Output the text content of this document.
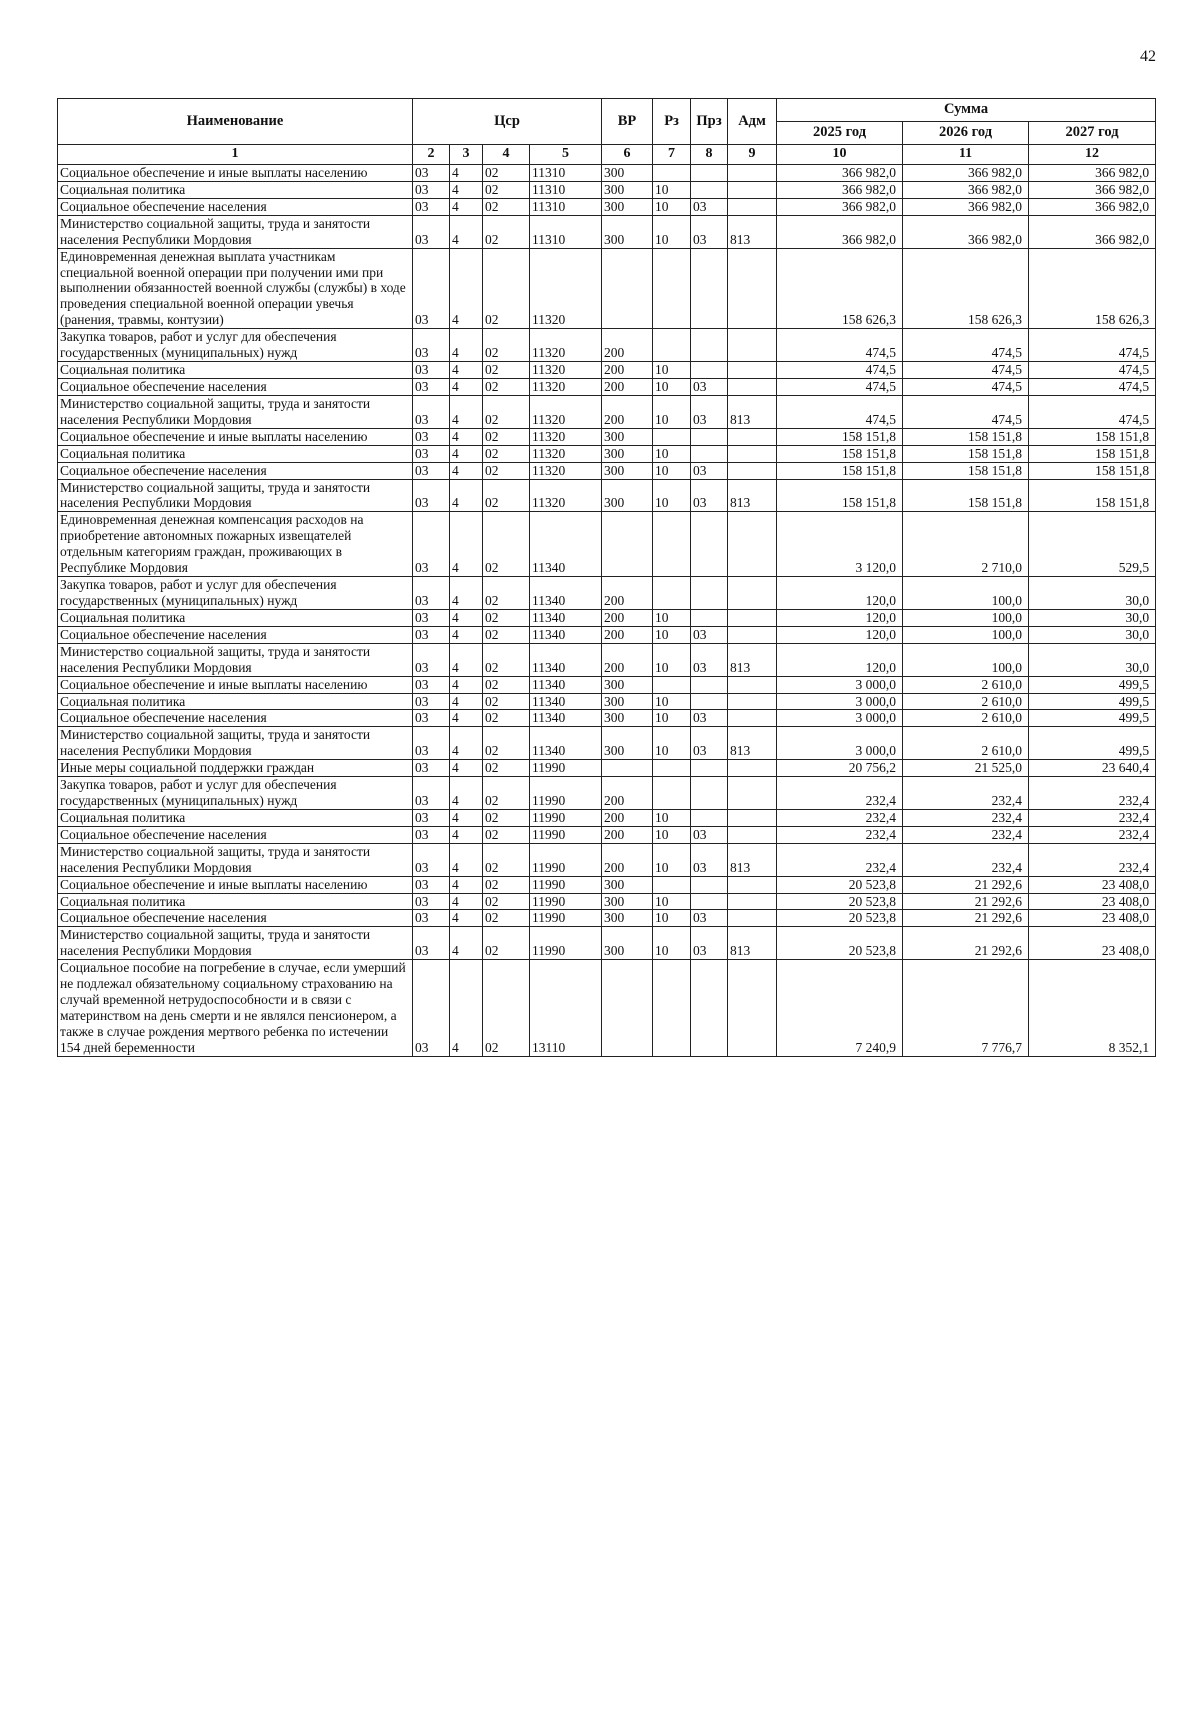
42
Наименование	Цср				ВР	Рз	Прз	Адм	Сумма		
									2025 год	2026 год	2027 год
1	2	3	4	5	6	7	8	9	10	11	12
Социальное обеспечение и иные выплаты населению	03	4	02	11310	300				366 982,0	366 982,0	366 982,0
Социальная политика	03	4	02	11310	300	10			366 982,0	366 982,0	366 982,0
Социальное обеспечение населения	03	4	02	11310	300	10	03		366 982,0	366 982,0	366 982,0
Министерство социальной защиты, труда и занятости населения Республики Мордовия	03	4	02	11310	300	10	03	813	366 982,0	366 982,0	366 982,0
Единовременная денежная выплата участникам специальной военной операции при получении ими при выполнении обязанностей военной службы (службы) в ходе проведения специальной военной операции увечья (ранения, травмы, контузии)	03	4	02	11320					158 626,3	158 626,3	158 626,3
Закупка товаров, работ и услуг для обеспечения государственных (муниципальных) нужд	03	4	02	11320	200				474,5	474,5	474,5
Социальная политика	03	4	02	11320	200	10			474,5	474,5	474,5
Социальное обеспечение населения	03	4	02	11320	200	10	03		474,5	474,5	474,5
Министерство социальной защиты, труда и занятости населения Республики Мордовия	03	4	02	11320	200	10	03	813	474,5	474,5	474,5
Социальное обеспечение и иные выплаты населению	03	4	02	11320	300				158 151,8	158 151,8	158 151,8
Социальная политика	03	4	02	11320	300	10			158 151,8	158 151,8	158 151,8
Социальное обеспечение населения	03	4	02	11320	300	10	03		158 151,8	158 151,8	158 151,8
Министерство социальной защиты, труда и занятости населения Республики Мордовия	03	4	02	11320	300	10	03	813	158 151,8	158 151,8	158 151,8
Единовременная денежная компенсация расходов на приобретение автономных пожарных извещателей отдельным категориям граждан, проживающих в Республике Мордовия	03	4	02	11340					3 120,0	2 710,0	529,5
Закупка товаров, работ и услуг для обеспечения государственных (муниципальных) нужд	03	4	02	11340	200				120,0	100,0	30,0
Социальная политика	03	4	02	11340	200	10			120,0	100,0	30,0
Социальное обеспечение населения	03	4	02	11340	200	10	03		120,0	100,0	30,0
Министерство социальной защиты, труда и занятости населения Республики Мордовия	03	4	02	11340	200	10	03	813	120,0	100,0	30,0
Социальное обеспечение и иные выплаты населению	03	4	02	11340	300				3 000,0	2 610,0	499,5
Социальная политика	03	4	02	11340	300	10			3 000,0	2 610,0	499,5
Социальное обеспечение населения	03	4	02	11340	300	10	03		3 000,0	2 610,0	499,5
Министерство социальной защиты, труда и занятости населения Республики Мордовия	03	4	02	11340	300	10	03	813	3 000,0	2 610,0	499,5
Иные меры социальной поддержки граждан	03	4	02	11990					20 756,2	21 525,0	23 640,4
Закупка товаров, работ и услуг для обеспечения государственных (муниципальных) нужд	03	4	02	11990	200				232,4	232,4	232,4
Социальная политика	03	4	02	11990	200	10			232,4	232,4	232,4
Социальное обеспечение населения	03	4	02	11990	200	10	03		232,4	232,4	232,4
Министерство социальной защиты, труда и занятости населения Республики Мордовия	03	4	02	11990	200	10	03	813	232,4	232,4	232,4
Социальное обеспечение и иные выплаты населению	03	4	02	11990	300				20 523,8	21 292,6	23 408,0
Социальная политика	03	4	02	11990	300	10			20 523,8	21 292,6	23 408,0
Социальное обеспечение населения	03	4	02	11990	300	10	03		20 523,8	21 292,6	23 408,0
Министерство социальной защиты, труда и занятости населения Республики Мордовия	03	4	02	11990	300	10	03	813	20 523,8	21 292,6	23 408,0
Социальное пособие на погребение в случае, если умерший не подлежал обязательному социальному страхованию на случай временной нетрудоспособности и в связи с материнством на день смерти и не являлся пенсионером, а также в случае рождения мертвого ребенка по истечении 154 дней беременности	03	4	02	13110					7 240,9	7 776,7	8 352,1
